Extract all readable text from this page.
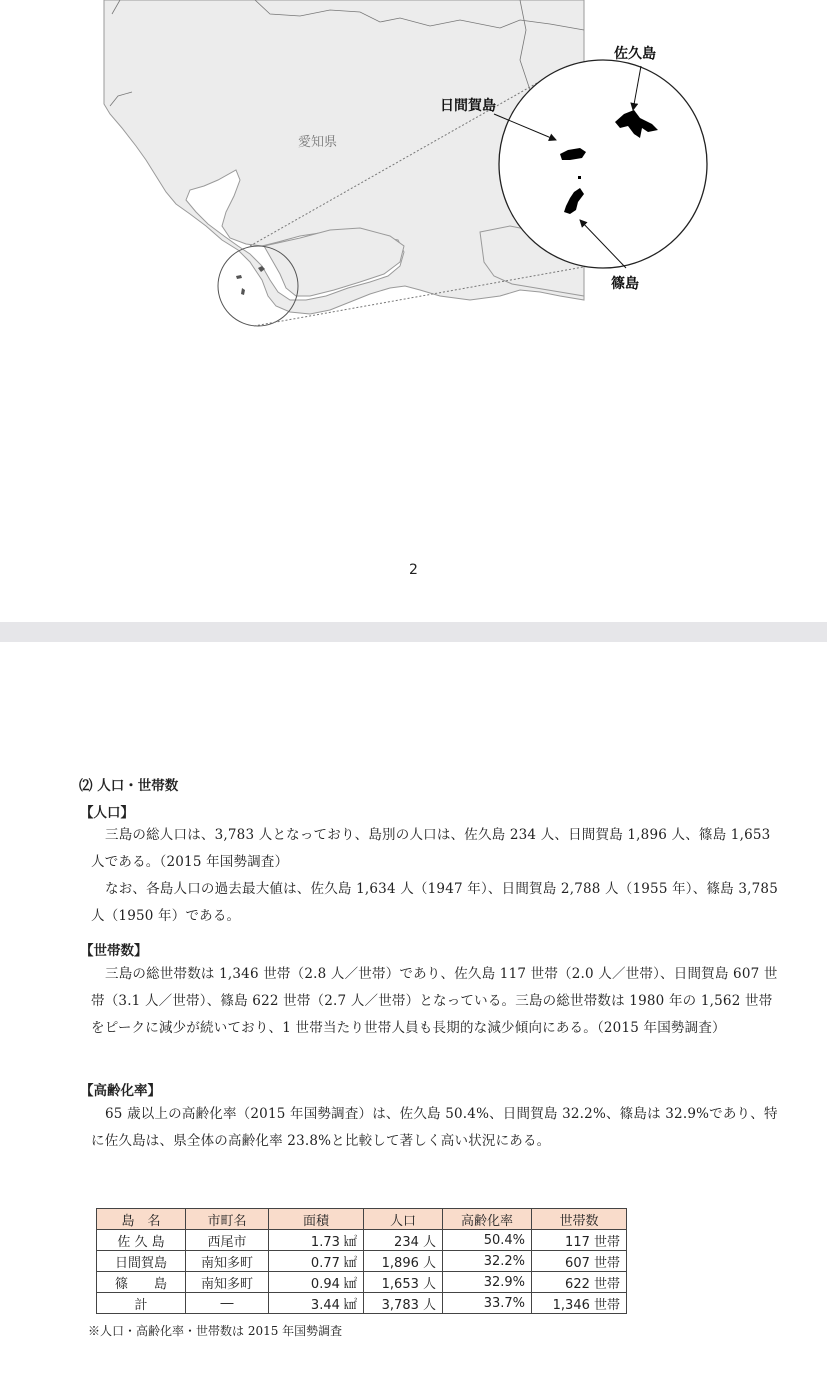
愛知県
佐久島
日間賀島
篠島
2
⑵ 人口・世帯数
【人口】

三島の総人口は、3,783 人となっており、島別の人口は、佐久島 234 人、日間賀島 1,896 人、篠島 1,653 人である。（2015 年国勢調査）

なお、各島人口の過去最大値は、佐久島 1,634 人（1947 年）、日間賀島 2,788 人（1955 年）、篠島 3,785 人（1950 年）である。

【世帯数】

三島の総世帯数は 1,346 世帯（2.8 人／世帯）であり、佐久島 117 世帯（2.0 人／世帯）、日間賀島 607 世帯（3.1 人／世帯）、篠島 622 世帯（2.7 人／世帯）となっている。三島の総世帯数は 1980 年の 1,562 世帯をピークに減少が続いており、1 世帯当たり世帯人員も長期的な減少傾向にある。（2015 年国勢調査）

【高齢化率】

65 歳以上の高齢化率（2015 年国勢調査）は、佐久島 50.4%、日間賀島 32.2%、篠島は 32.9%であり、特に佐久島は、県全体の高齢化率 23.8%と比較して著しく高い状況にある。

島　名	市町名	面積	人口	高齢化率	世帯数
佐 久 島	西尾市	1.73 ㎢	234 人	50.4%	117 世帯
日間賀島	南知多町	0.77 ㎢	1,896 人	32.2%	607 世帯
篠　　島	南知多町	0.94 ㎢	1,653 人	32.9%	622 世帯
計	―	3.44 ㎢	3,783 人	33.7%	1,346 世帯
※人口・高齢化率・世帯数は 2015 年国勢調査
